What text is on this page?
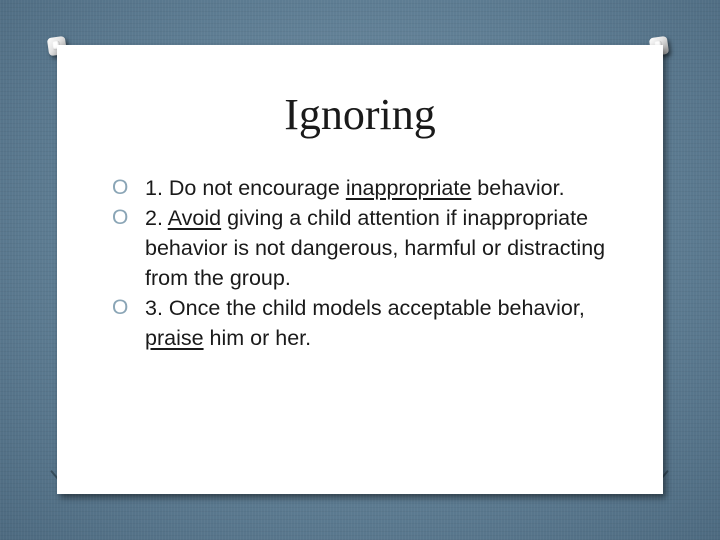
Ignoring
O 1. Do not encourage inappropriate behavior.
O 2. Avoid giving a child attention if inappropriate behavior is not dangerous, harmful or distracting from the group.
O 3. Once the child models acceptable behavior, praise him or her.
